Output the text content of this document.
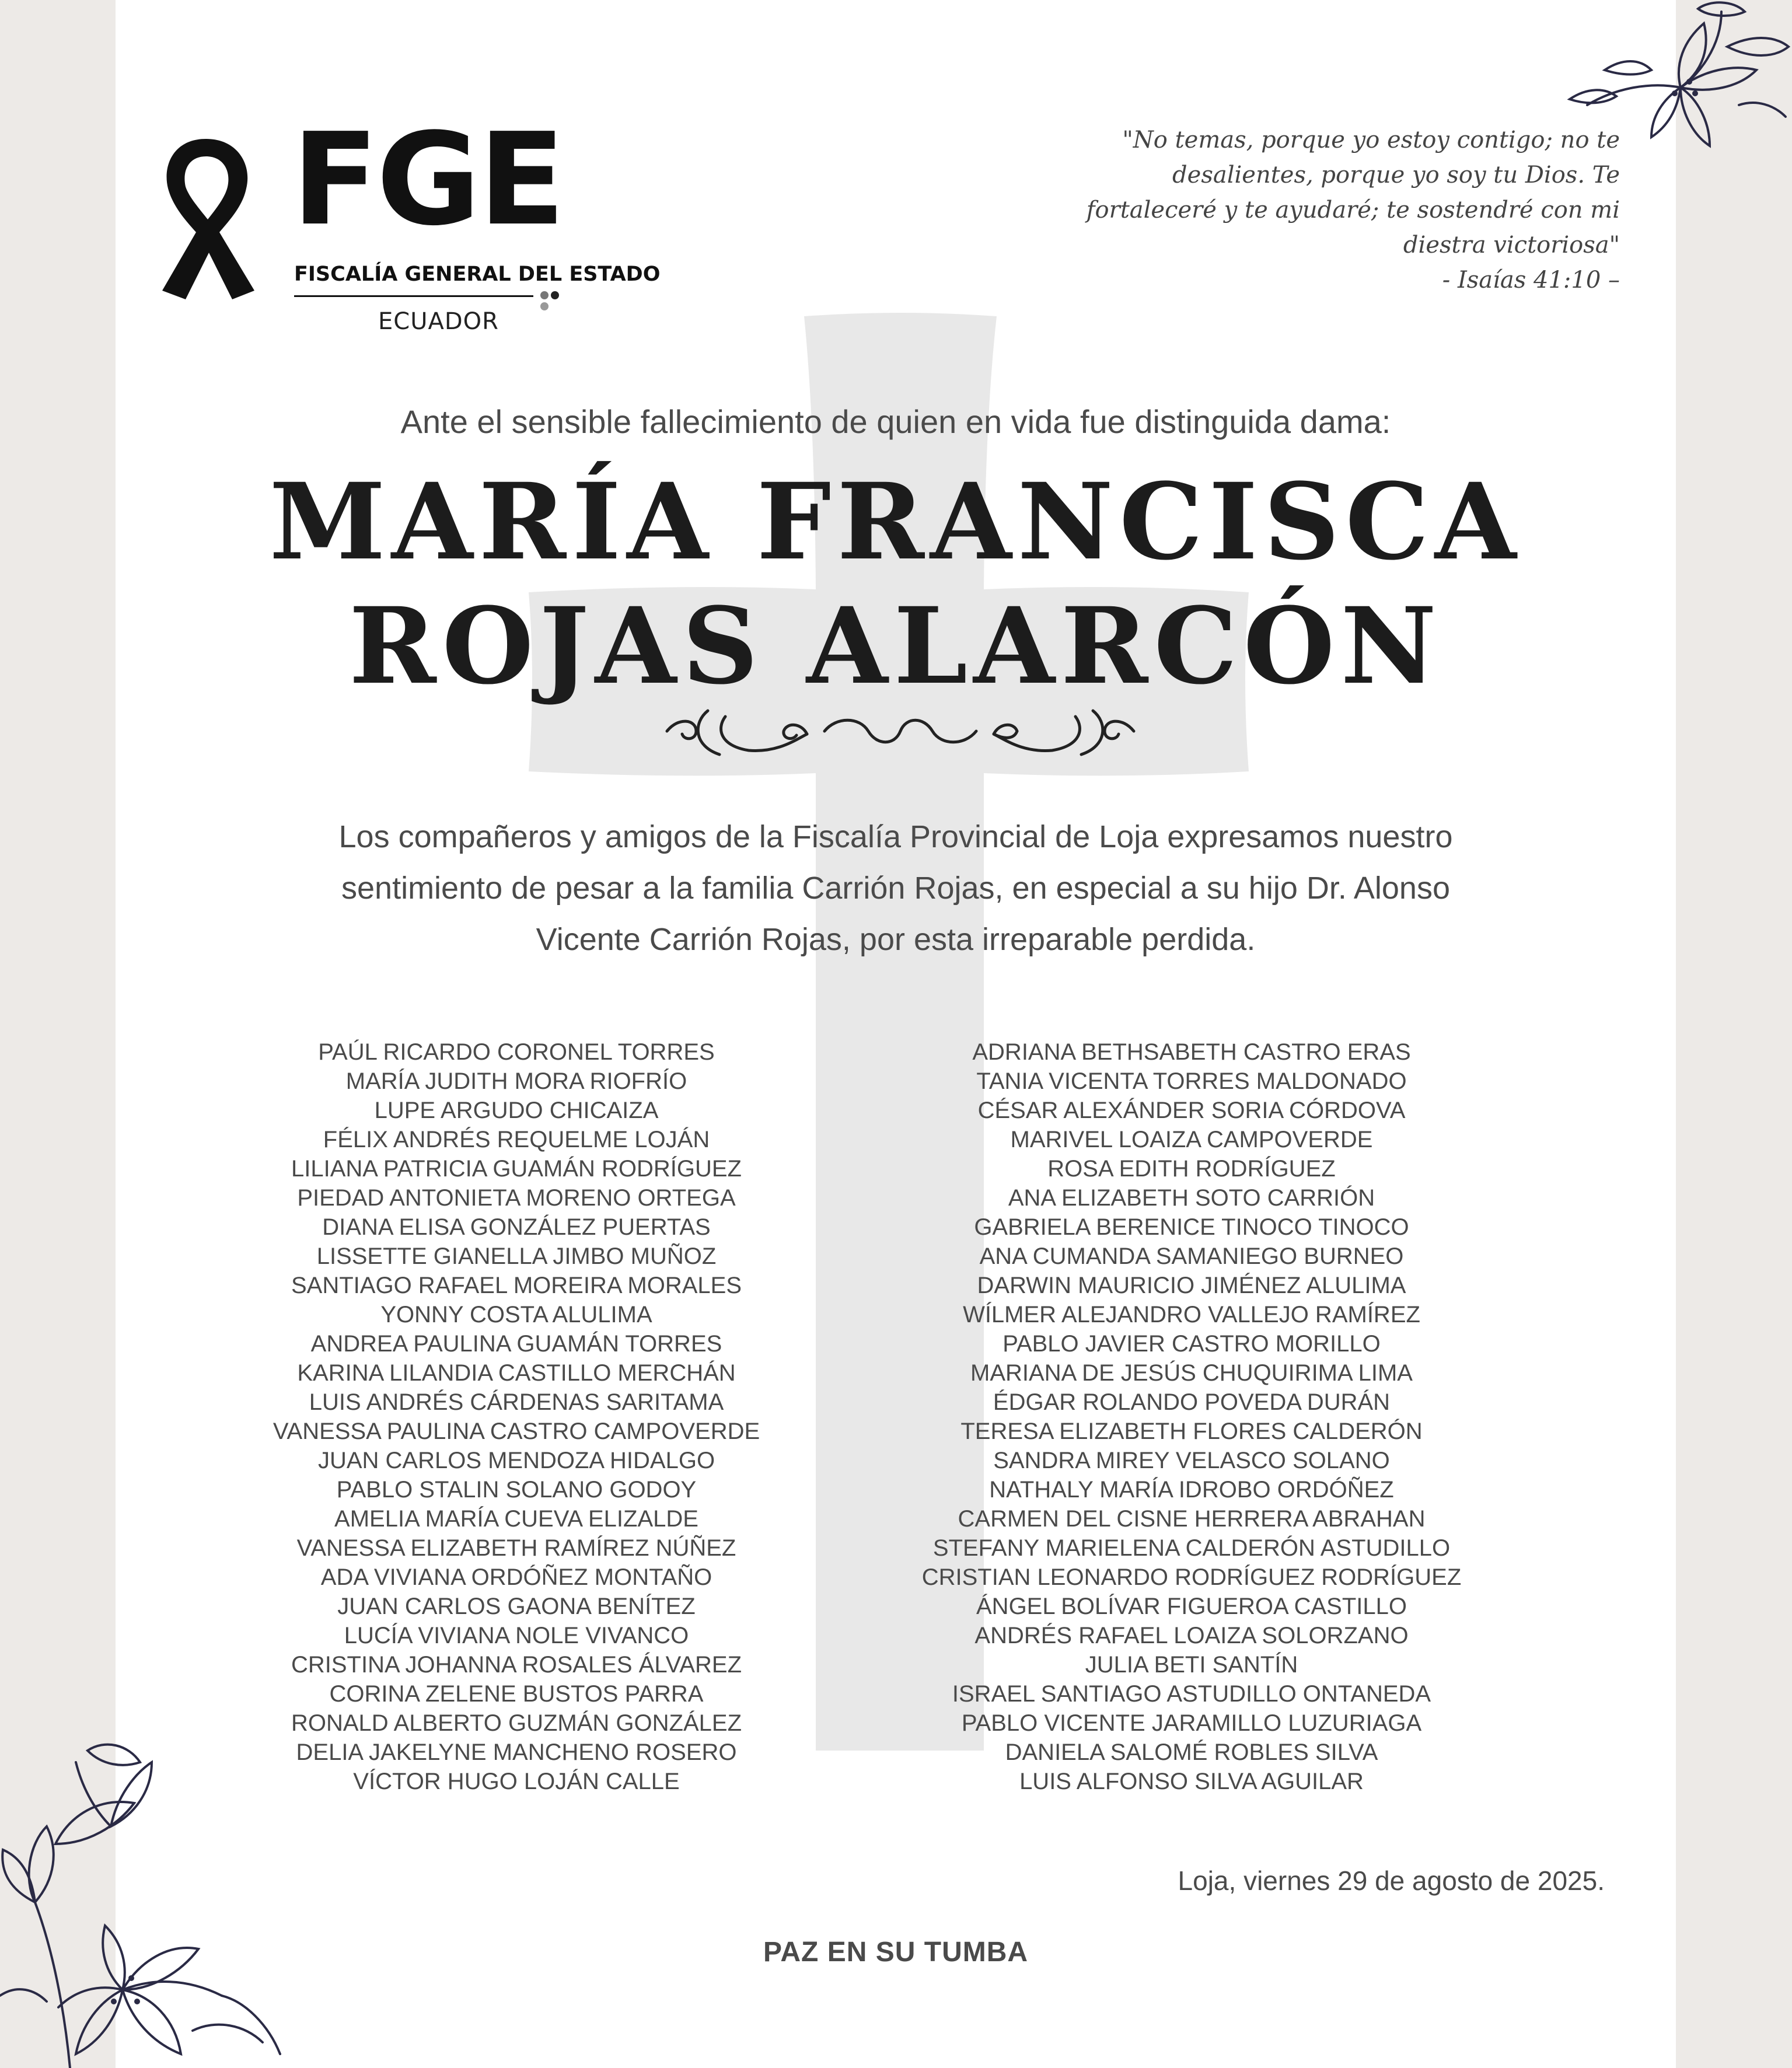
FGE
FISCALÍA GENERAL DEL ESTADO
ECUADOR
"No temas, porque yo estoy contigo; no te
desalientes, porque yo soy tu Dios. Te
fortaleceré y te ayudaré; te sostendré con mi
diestra victoriosa"
- Isaías 41:10 –
Ante el sensible fallecimiento de quien en vida fue distinguida dama:
MARÍA FRANCISCA
ROJAS ALARCÓN
Los compañeros y amigos de la Fiscalía Provincial de Loja expresamos nuestro
sentimiento de pesar a la familia Carrión Rojas, en especial a su hijo Dr. Alonso
Vicente Carrión Rojas, por esta irreparable perdida.
PAÚL RICARDO CORONEL TORRES
MARÍA JUDITH MORA RIOFRÍO
LUPE ARGUDO CHICAIZA
FÉLIX ANDRÉS REQUELME LOJÁN
LILIANA PATRICIA GUAMÁN RODRÍGUEZ
PIEDAD ANTONIETA MORENO ORTEGA
DIANA ELISA GONZÁLEZ PUERTAS
LISSETTE GIANELLA JIMBO MUÑOZ
SANTIAGO RAFAEL MOREIRA MORALES
YONNY COSTA ALULIMA
ANDREA PAULINA GUAMÁN TORRES
KARINA LILANDIA CASTILLO MERCHÁN
LUIS ANDRÉS CÁRDENAS SARITAMA
VANESSA PAULINA CASTRO CAMPOVERDE
JUAN CARLOS MENDOZA HIDALGO
PABLO STALIN SOLANO GODOY
AMELIA MARÍA CUEVA ELIZALDE
VANESSA ELIZABETH RAMÍREZ NÚÑEZ
ADA VIVIANA ORDÓÑEZ MONTAÑO
JUAN CARLOS GAONA BENÍTEZ
LUCÍA VIVIANA NOLE VIVANCO
CRISTINA JOHANNA ROSALES ÁLVAREZ
CORINA ZELENE BUSTOS PARRA
RONALD ALBERTO GUZMÁN GONZÁLEZ
DELIA JAKELYNE MANCHENO ROSERO
VÍCTOR HUGO LOJÁN CALLE
ADRIANA BETHSABETH CASTRO ERAS
TANIA VICENTA TORRES MALDONADO
CÉSAR ALEXÁNDER SORIA CÓRDOVA
MARIVEL LOAIZA CAMPOVERDE
ROSA EDITH RODRÍGUEZ
ANA ELIZABETH SOTO CARRIÓN
GABRIELA BERENICE TINOCO TINOCO
ANA CUMANDA SAMANIEGO BURNEO
DARWIN MAURICIO JIMÉNEZ ALULIMA
WÍLMER ALEJANDRO VALLEJO RAMÍREZ
PABLO JAVIER CASTRO MORILLO
MARIANA DE JESÚS CHUQUIRIMA LIMA
ÉDGAR ROLANDO POVEDA DURÁN
TERESA ELIZABETH FLORES CALDERÓN
SANDRA MIREY VELASCO SOLANO
NATHALY MARÍA IDROBO ORDÓÑEZ
CARMEN DEL CISNE HERRERA ABRAHAN
STEFANY MARIELENA CALDERÓN ASTUDILLO
CRISTIAN LEONARDO RODRÍGUEZ RODRÍGUEZ
ÁNGEL BOLÍVAR FIGUEROA CASTILLO
ANDRÉS RAFAEL LOAIZA SOLORZANO
JULIA BETI SANTÍN
ISRAEL SANTIAGO ASTUDILLO ONTANEDA
PABLO VICENTE JARAMILLO LUZURIAGA
DANIELA SALOMÉ ROBLES SILVA
LUIS ALFONSO SILVA AGUILAR
Loja, viernes 29 de agosto de 2025.
PAZ EN SU TUMBA
